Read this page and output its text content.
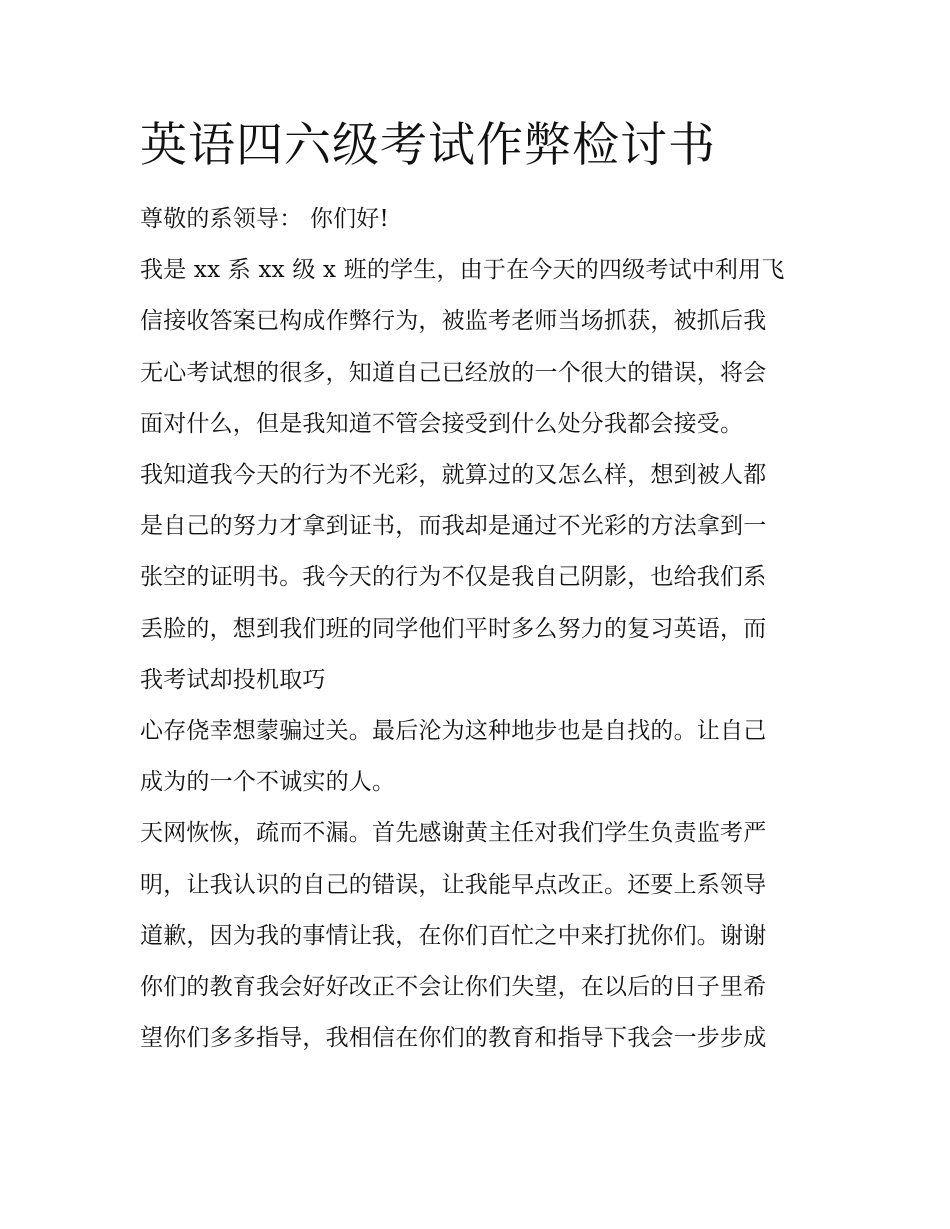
英语四六级考试作弊检讨书
尊敬的系领导： 你们好!
我是 xx 系 xx 级 x 班的学生，由于在今天的四级考试中利用飞
信接收答案已构成作弊行为，被监考老师当场抓获，被抓后我
无心考试想的很多，知道自己已经放的一个很大的错误，将会
面对什么，但是我知道不管会接受到什么处分我都会接受。
我知道我今天的行为不光彩，就算过的又怎么样，想到被人都
是自己的努力才拿到证书，而我却是通过不光彩的方法拿到一
张空的证明书。我今天的行为不仅是我自己阴影，也给我们系
丢脸的，想到我们班的同学他们平时多么努力的复习英语，而
我考试却投机取巧
心存侥幸想蒙骗过关。最后沦为这种地步也是自找的。让自己
成为的一个不诚实的人。
天网恢恢，疏而不漏。首先感谢黄主任对我们学生负责监考严
明，让我认识的自己的错误，让我能早点改正。还要上系领导
道歉，因为我的事情让我，在你们百忙之中来打扰你们。谢谢
你们的教育我会好好改正不会让你们失望，在以后的日子里希
望你们多多指导，我相信在你们的教育和指导下我会一步步成
